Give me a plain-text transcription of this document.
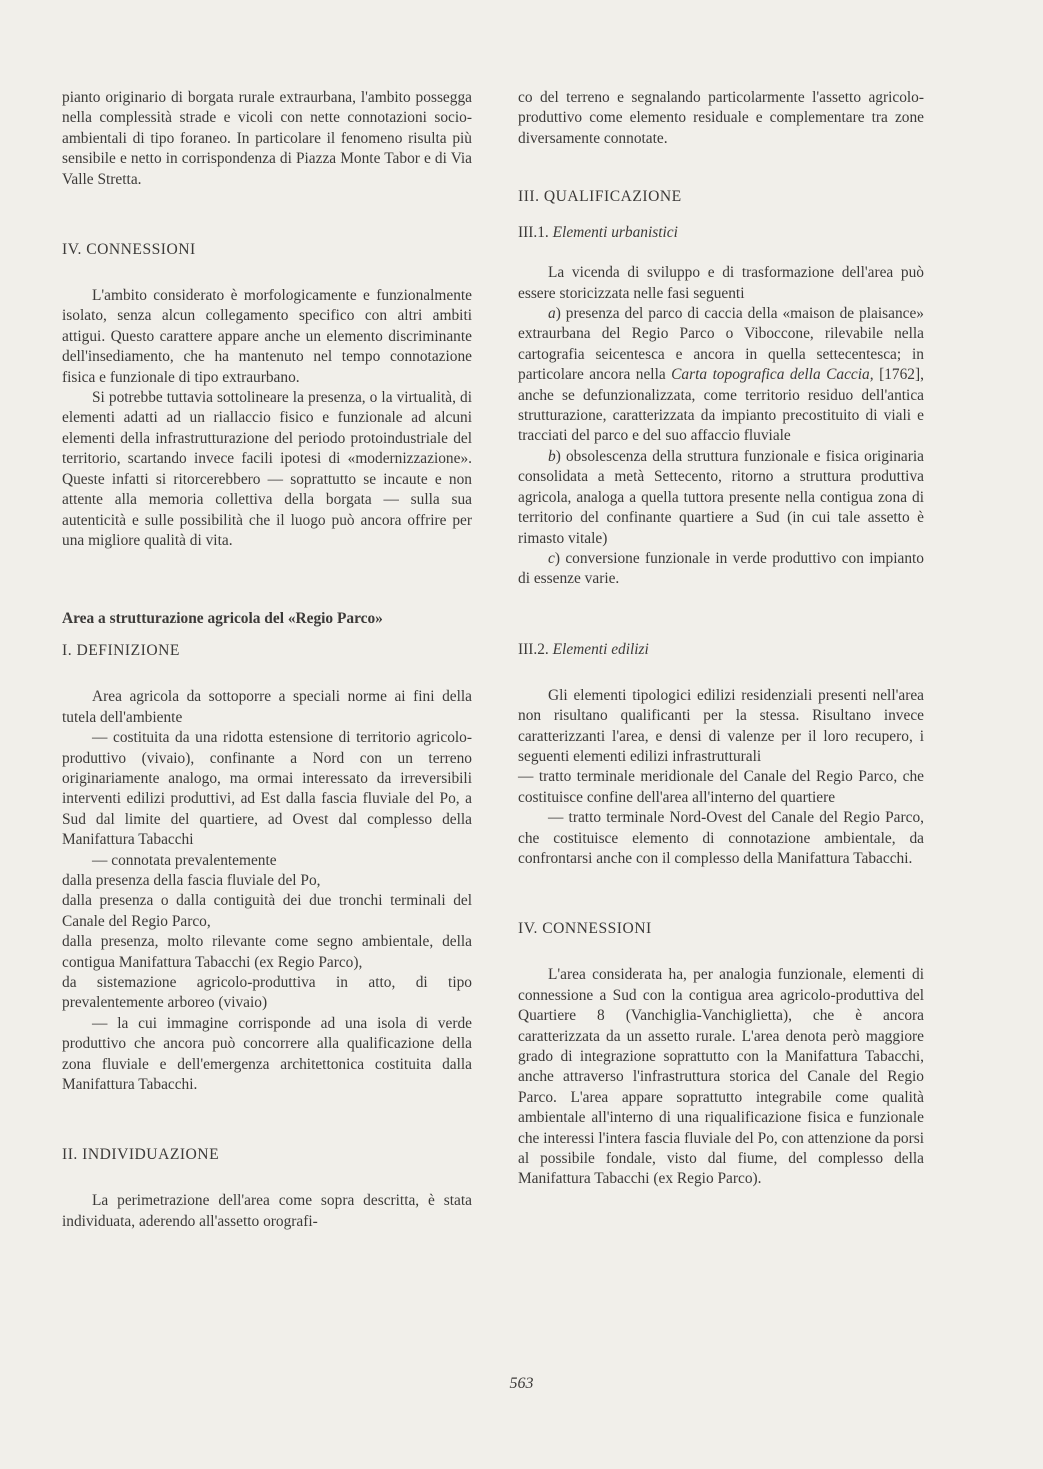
pianto originario di borgata rurale extraurbana, l'ambito possegga nella complessità strade e vicoli con nette connotazioni socio-ambientali di tipo foraneo. In particolare il fenomeno risulta più sensibile e netto in corrispondenza di Piazza Monte Tabor e di Via Valle Stretta.

IV. CONNESSIONI

L'ambito considerato è morfologicamente e funzionalmente isolato, senza alcun collegamento specifico con altri ambiti attigui. Questo carattere appare anche un elemento discriminante dell'insediamento, che ha mantenuto nel tempo connotazione fisica e funzionale di tipo extraurbano.

Si potrebbe tuttavia sottolineare la presenza, o la virtualità, di elementi adatti ad un riallaccio fisico e funzionale ad alcuni elementi della infrastrutturazione del periodo protoindustriale del territorio, scartando invece facili ipotesi di «modernizzazione». Queste infatti si ritorcerebbero — soprattutto se incaute e non attente alla memoria collettiva della borgata — sulla sua autenticità e sulle possibilità che il luogo può ancora offrire per una migliore qualità di vita.

Area a strutturazione agricola del «Regio Parco»
I. DEFINIZIONE

Area agricola da sottoporre a speciali norme ai fini della tutela dell'ambiente

— costituita da una ridotta estensione di territorio agricolo-produttivo (vivaio), confinante a Nord con un terreno originariamente analogo, ma ormai interessato da irreversibili interventi edilizi produttivi, ad Est dalla fascia fluviale del Po, a Sud dal limite del quartiere, ad Ovest dal complesso della Manifattura Tabacchi

— connotata prevalentemente

dalla presenza della fascia fluviale del Po,

dalla presenza o dalla contiguità dei due tronchi terminali del Canale del Regio Parco,

dalla presenza, molto rilevante come segno ambientale, della contigua Manifattura Tabacchi (ex Regio Parco),

da sistemazione agricolo-produttiva in atto, di tipo prevalentemente arboreo (vivaio)

— la cui immagine corrisponde ad una isola di verde produttivo che ancora può concorrere alla qualificazione della zona fluviale e dell'emergenza architettonica costituita dalla Manifattura Tabacchi.

II. INDIVIDUAZIONE

La perimetrazione dell'area come sopra descritta, è stata individuata, aderendo all'assetto orografi-

co del terreno e segnalando particolarmente l'assetto agricolo-produttivo come elemento residuale e complementare tra zone diversamente connotate.

III. QUALIFICAZIONE
III.1. Elementi urbanistici

La vicenda di sviluppo e di trasformazione dell'area può essere storicizzata nelle fasi seguenti

a) presenza del parco di caccia della «maison de plaisance» extraurbana del Regio Parco o Viboccone, rilevabile nella cartografia seicentesca e ancora in quella settecentesca; in particolare ancora nella Carta topografica della Caccia, [1762], anche se defunzionalizzata, come territorio residuo dell'antica strutturazione, caratterizzata da impianto precostituito di viali e tracciati del parco e del suo affaccio fluviale

b) obsolescenza della struttura funzionale e fisica originaria consolidata a metà Settecento, ritorno a struttura produttiva agricola, analoga a quella tuttora presente nella contigua zona di territorio del confinante quartiere a Sud (in cui tale assetto è rimasto vitale)

c) conversione funzionale in verde produttivo con impianto di essenze varie.

III.2. Elementi edilizi

Gli elementi tipologici edilizi residenziali presenti nell'area non risultano qualificanti per la stessa. Risultano invece caratterizzanti l'area, e densi di valenze per il loro recupero, i seguenti elementi edilizi infrastrutturali

— tratto terminale meridionale del Canale del Regio Parco, che costituisce confine dell'area all'interno del quartiere

— tratto terminale Nord-Ovest del Canale del Regio Parco, che costituisce elemento di connotazione ambientale, da confrontarsi anche con il complesso della Manifattura Tabacchi.

IV. CONNESSIONI

L'area considerata ha, per analogia funzionale, elementi di connessione a Sud con la contigua area agricolo-produttiva del Quartiere 8 (Vanchiglia-Vanchiglietta), che è ancora caratterizzata da un assetto rurale. L'area denota però maggiore grado di integrazione soprattutto con la Manifattura Tabacchi, anche attraverso l'infrastruttura storica del Canale del Regio Parco. L'area appare soprattutto integrabile come qualità ambientale all'interno di una riqualificazione fisica e funzionale che interessi l'intera fascia fluviale del Po, con attenzione da porsi al possibile fondale, visto dal fiume, del complesso della Manifattura Tabacchi (ex Regio Parco).

563
